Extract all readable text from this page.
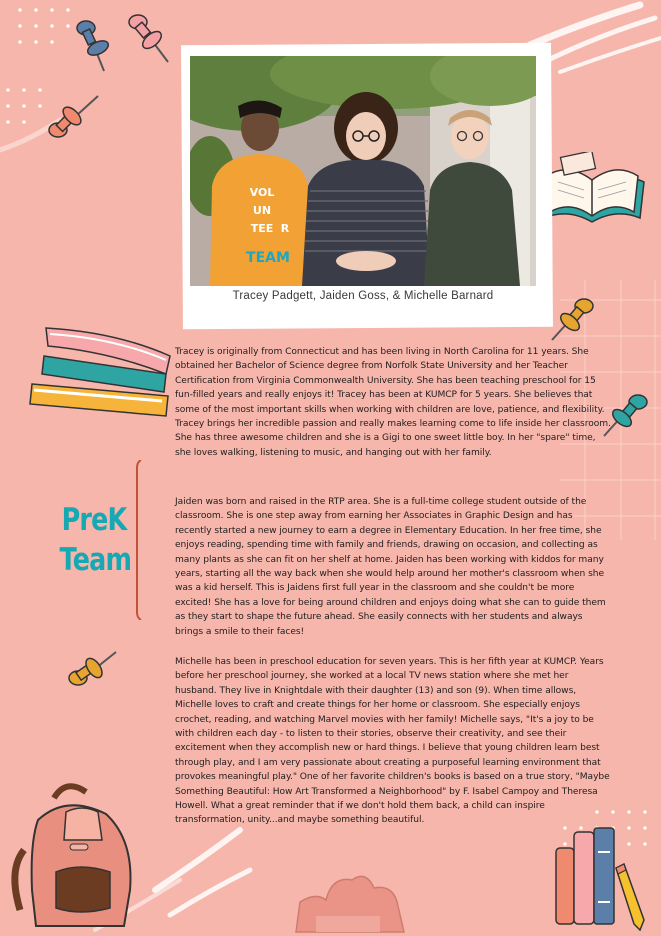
VOL
UN
TEE R
TEAM
Tracey Padgett, Jaiden Goss, & Michelle Barnard
PreK
Team

Tracey is originally from Connecticut and has been living in North Carolina for 11 years. She obtained her Bachelor of Science degree from Norfolk State University and her Teacher Certification from Virginia Commonwealth University. She has been teaching preschool for 15 fun-filled years and really enjoys it! Tracey has been at KUMCP for 5 years. She believes that some of the most important skills when working with children are love, patience, and flexibility. Tracey brings her incredible passion and really makes learning come to life inside her classroom. She has three awesome children and she is a Gigi to one sweet little boy. In her "spare" time, she loves walking, listening to music, and hanging out with her family.

Jaiden was born and raised in the RTP area. She is a full-time college student outside of the classroom. She is one step away from earning her Associates in Graphic Design and has recently started a new journey to earn a degree in Elementary Education. In her free time, she enjoys reading, spending time with family and friends, drawing on occasion, and collecting as many plants as she can fit on her shelf at home. Jaiden has been working with kiddos for many years, starting all the way back when she would help around her mother's classroom when she was a kid herself. This is Jaidens first full year in the classroom and she couldn't be more excited! She has a love for being around children and enjoys doing what she can to guide them as they start to shape the future ahead. She easily connects with her students and always brings a smile to their faces!

Michelle has been in preschool education for seven years. This is her fifth year at KUMCP. Years before her preschool journey, she worked at a local TV news station where she met her husband. They live in Knightdale with their daughter (13) and son (9). When time allows, Michelle loves to craft and create things for her home or classroom. She especially enjoys crochet, reading, and watching Marvel movies with her family! Michelle says, "It's a joy to be with children each day - to listen to their stories, observe their creativity, and see their excitement when they accomplish new or hard things. I believe that young children learn best through play, and I am very passionate about creating a purposeful learning environment that provokes meaningful play." One of her favorite children's books is based on a true story, "Maybe Something Beautiful: How Art Transformed a Neighborhood" by F. Isabel Campoy and Theresa Howell. What a great reminder that if we don't hold them back, a child can inspire transformation, unity...and maybe something beautiful.
